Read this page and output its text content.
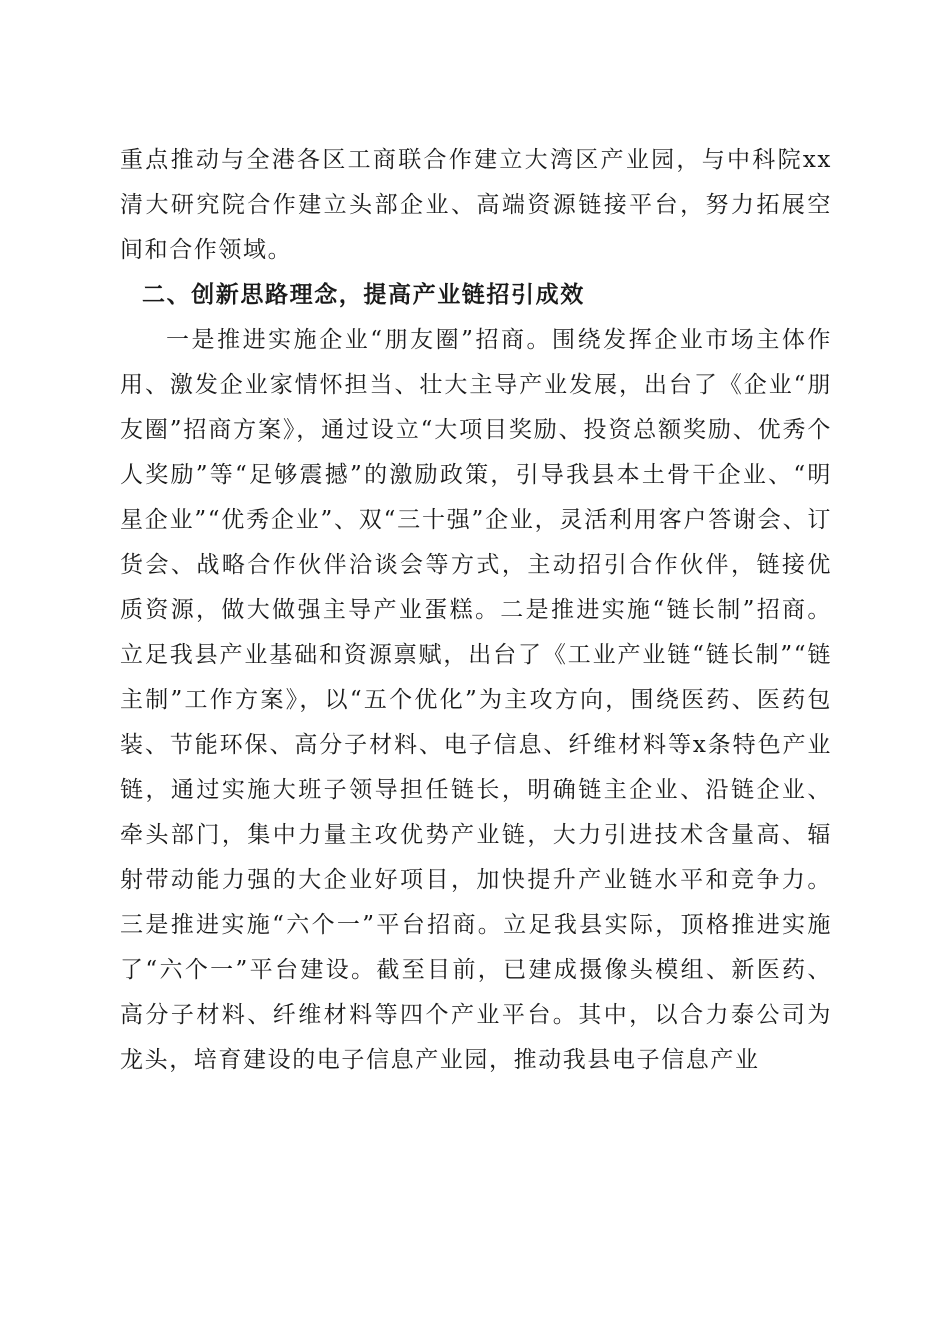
重点推动与全港各区工商联合作建立大湾区产业园，与中科院xx清大研究院合作建立头部企业、高端资源链接平台，努力拓展空间和合作领域。

二、创新思路理念，提高产业链招引成效

一是推进实施企业“朋友圈”招商。围绕发挥企业市场主体作用、激发企业家情怀担当、壮大主导产业发展，出台了《企业“朋友圈”招商方案》，通过设立“大项目奖励、投资总额奖励、优秀个人奖励”等“足够震撼”的激励政策，引导我县本土骨干企业、“明星企业”“优秀企业”、双“三十强”企业，灵活利用客户答谢会、订货会、战略合作伙伴洽谈会等方式，主动招引合作伙伴，链接优质资源，做大做强主导产业蛋糕。二是推进实施“链长制”招商。立足我县产业基础和资源禀赋，出台了《工业产业链“链长制”“链主制”工作方案》，以“五个优化”为主攻方向，围绕医药、医药包装、节能环保、高分子材料、电子信息、纤维材料等x条特色产业链，通过实施大班子领导担任链长，明确链主企业、沿链企业、牵头部门，集中力量主攻优势产业链，大力引进技术含量高、辐射带动能力强的大企业好项目，加快提升产业链水平和竞争力。三是推进实施“六个一”平台招商。立足我县实际，顶格推进实施了“六个一”平台建设。截至目前，已建成摄像头模组、新医药、高分子材料、纤维材料等四个产业平台。其中，以合力泰公司为龙头，培育建设的电子信息产业园，推动我县电子信息产业
